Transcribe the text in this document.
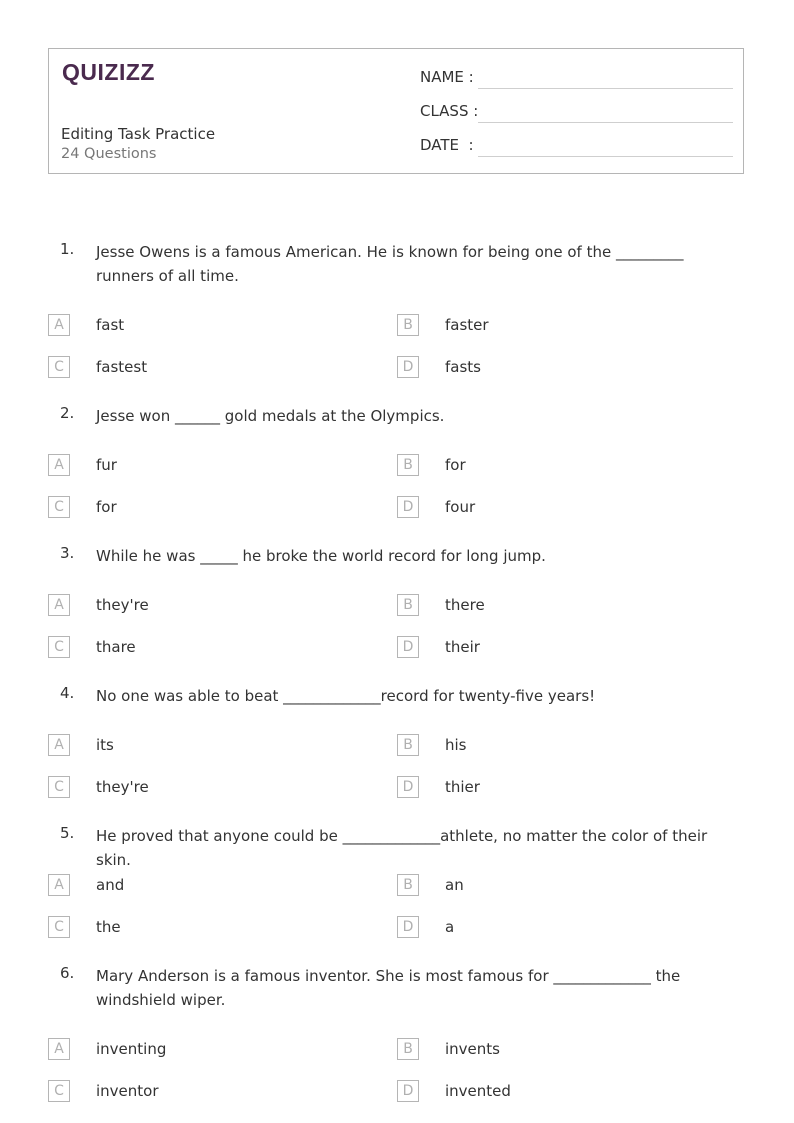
QUIZIZZ
Editing Task Practice
24 Questions
NAME :
CLASS :
DATE  :
1. Jesse Owens is a famous American. He is known for being one of the _________ runners of all time.
A	fast	B	faster
C	fastest	D	fasts
2. Jesse won ______ gold medals at the Olympics.
A	fur	B	for
C	for	D	four
3. While he was _____ he broke the world record for long jump.
A	they're	B	there
C	thare	D	their
4. No one was able to beat _____________record for twenty-five years!
A	its	B	his
C	they're	D	thier
5. He proved that anyone could be _____________athlete, no matter the color of their skin.
A	and	B	an
C	the	D	a
6. Mary Anderson is a famous inventor. She is most famous for _____________ the windshield wiper.
A	inventing	B	invents
C	inventor	D	invented
